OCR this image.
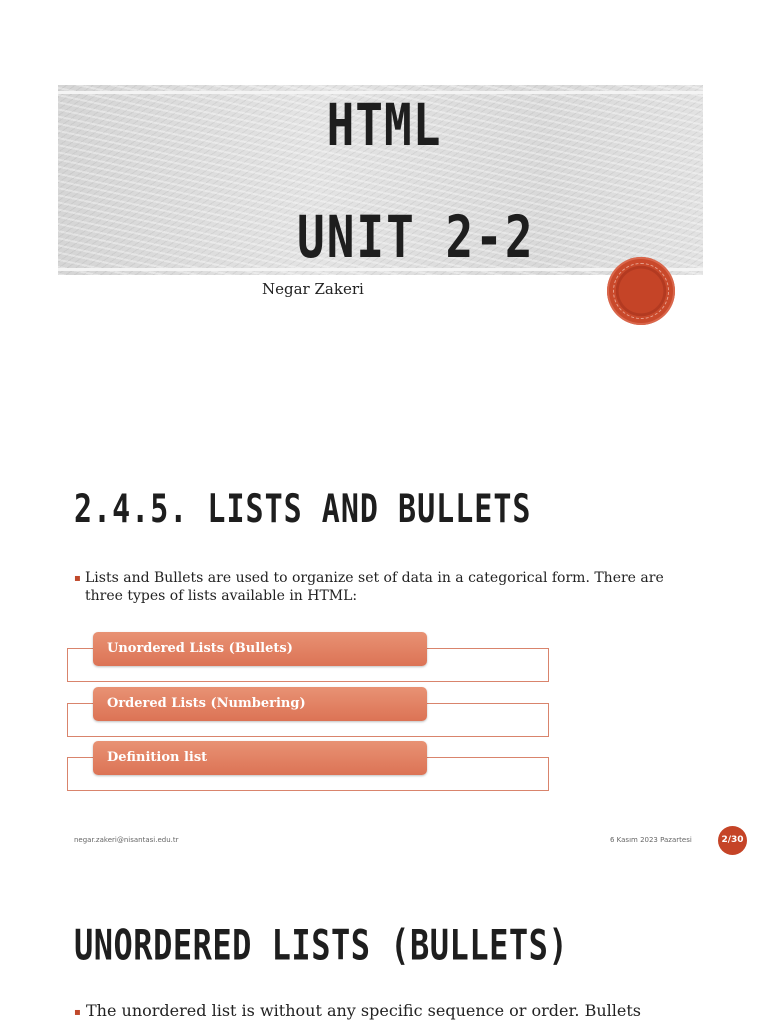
HTML
UNIT 2-2
Negar Zakeri
2.4.5. LISTS AND BULLETS
▪ Lists and Bullets are used to organize set of data in a categorical form. There are three types of lists available in HTML:
Unordered Lists (Bullets)
Ordered Lists (Numbering)
Definition list
negar.zakeri@nisantasi.edu.tr	6 Kasım 2023 Pazartesi	2/30
UNORDERED LISTS (BULLETS)
▪ The unordered list is without any specific sequence or order. Bullets
